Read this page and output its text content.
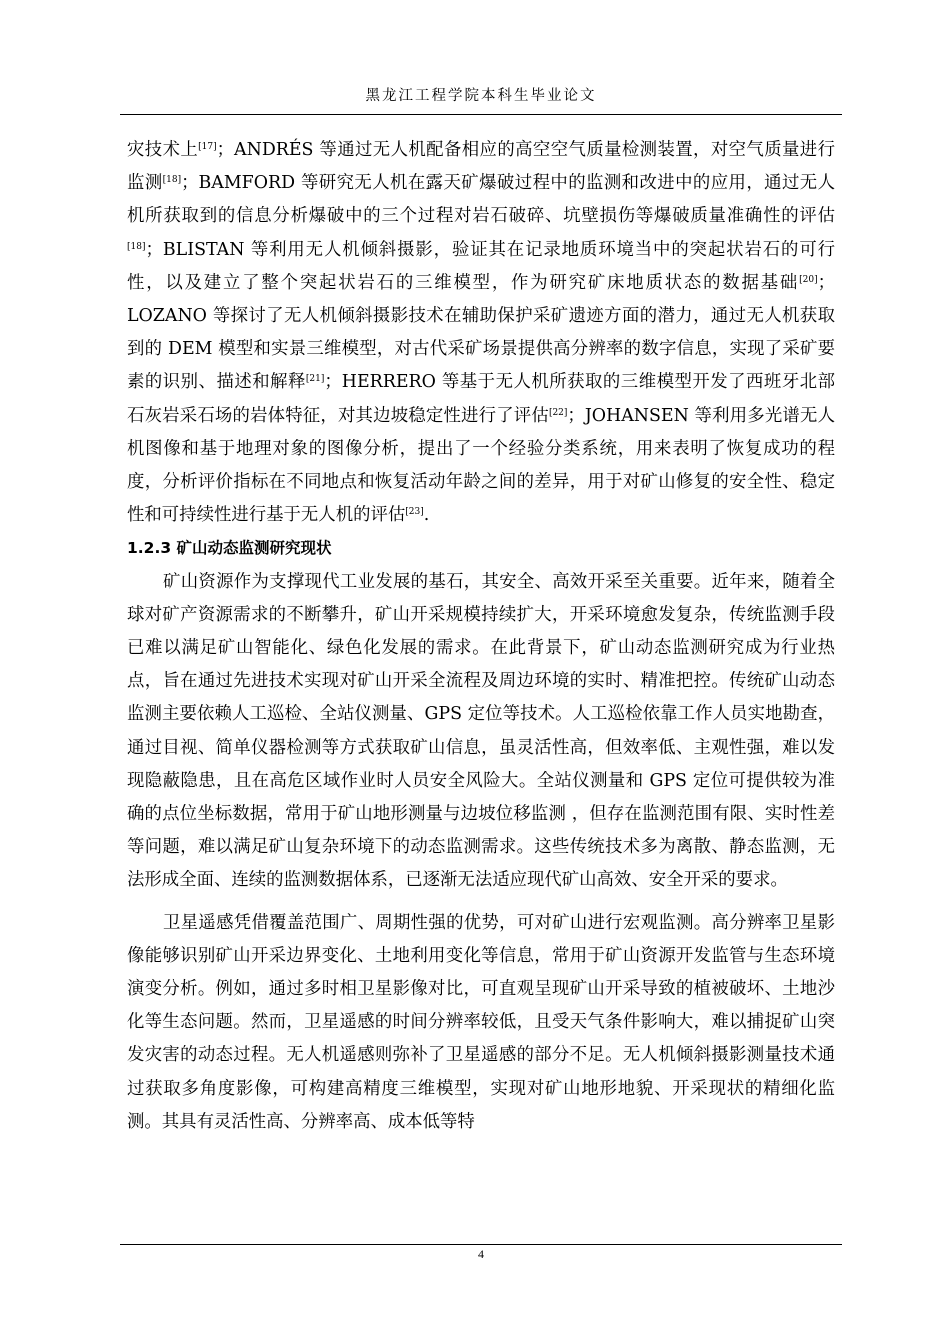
黑龙江工程学院本科生毕业论文

灾技术上[17]；ANDRÉS 等通过无人机配备相应的高空空气质量检测装置，对空气质量进行监测[18]；BAMFORD 等研究无人机在露天矿爆破过程中的监测和改进中的应用，通过无人机所获取到的信息分析爆破中的三个过程对岩石破碎、坑壁损伤等爆破质量准确性的评估[18]；BLISTAN 等利用无人机倾斜摄影，验证其在记录地质环境当中的突起状岩石的可行性，以及建立了整个突起状岩石的三维模型，作为研究矿床地质状态的数据基础[20]；LOZANO 等探讨了无人机倾斜摄影技术在辅助保护采矿遗迹方面的潜力，通过无人机获取到的 DEM 模型和实景三维模型，对古代采矿场景提供高分辨率的数字信息，实现了采矿要素的识别、描述和解释[21]；HERRERO 等基于无人机所获取的三维模型开发了西班牙北部石灰岩采石场的岩体特征，对其边坡稳定性进行了评估[22]；JOHANSEN 等利用多光谱无人机图像和基于地理对象的图像分析，提出了一个经验分类系统，用来表明了恢复成功的程度，分析评价指标在不同地点和恢复活动年龄之间的差异，用于对矿山修复的安全性、稳定性和可持续性进行基于无人机的评估[23].

1.2.3 矿山动态监测研究现状

矿山资源作为支撑现代工业发展的基石，其安全、高效开采至关重要。近年来，随着全球对矿产资源需求的不断攀升，矿山开采规模持续扩大，开采环境愈发复杂，传统监测手段已难以满足矿山智能化、绿色化发展的需求。在此背景下，矿山动态监测研究成为行业热点，旨在通过先进技术实现对矿山开采全流程及周边环境的实时、精准把控。传统矿山动态监测主要依赖人工巡检、全站仪测量、GPS 定位等技术。人工巡检依靠工作人员实地勘查，通过目视、简单仪器检测等方式获取矿山信息，虽灵活性高，但效率低、主观性强，难以发现隐蔽隐患，且在高危区域作业时人员安全风险大。全站仪测量和 GPS 定位可提供较为准确的点位坐标数据，常用于矿山地形测量与边坡位移监测 ，但存在监测范围有限、实时性差等问题，难以满足矿山复杂环境下的动态监测需求。这些传统技术多为离散、静态监测，无法形成全面、连续的监测数据体系，已逐渐无法适应现代矿山高效、安全开采的要求。

卫星遥感凭借覆盖范围广、周期性强的优势，可对矿山进行宏观监测。高分辨率卫星影像能够识别矿山开采边界变化、土地利用变化等信息，常用于矿山资源开发监管与生态环境演变分析。例如，通过多时相卫星影像对比，可直观呈现矿山开采导致的植被破坏、土地沙化等生态问题。然而，卫星遥感的时间分辨率较低，且受天气条件影响大，难以捕捉矿山突发灾害的动态过程。无人机遥感则弥补了卫星遥感的部分不足。无人机倾斜摄影测量技术通过获取多角度影像，可构建高精度三维模型，实现对矿山地形地貌、开采现状的精细化监测。其具有灵活性高、分辨率高、成本低等特

4
